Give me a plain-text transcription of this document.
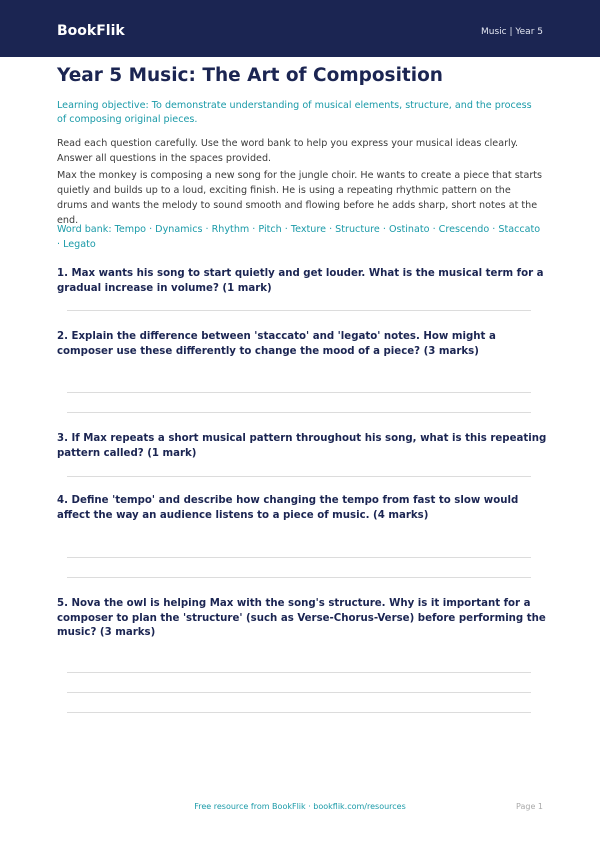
BookFlik	Music | Year 5
Year 5 Music: The Art of Composition
Learning objective: To demonstrate understanding of musical elements, structure, and the process of composing original pieces.
Read each question carefully. Use the word bank to help you express your musical ideas clearly. Answer all questions in the spaces provided.
Max the monkey is composing a new song for the jungle choir. He wants to create a piece that starts quietly and builds up to a loud, exciting finish. He is using a repeating rhythmic pattern on the drums and wants the melody to sound smooth and flowing before he adds sharp, short notes at the end.
Word bank: Tempo · Dynamics · Rhythm · Pitch · Texture · Structure · Ostinato · Crescendo · Staccato · Legato
1. Max wants his song to start quietly and get louder. What is the musical term for a gradual increase in volume? (1 mark)
2. Explain the difference between 'staccato' and 'legato' notes. How might a composer use these differently to change the mood of a piece? (3 marks)
3. If Max repeats a short musical pattern throughout his song, what is this repeating pattern called? (1 mark)
4. Define 'tempo' and describe how changing the tempo from fast to slow would affect the way an audience listens to a piece of music. (4 marks)
5. Nova the owl is helping Max with the song's structure. Why is it important for a composer to plan the 'structure' (such as Verse-Chorus-Verse) before performing the music? (3 marks)
Free resource from BookFlik · bookflik.com/resources	Page 1
